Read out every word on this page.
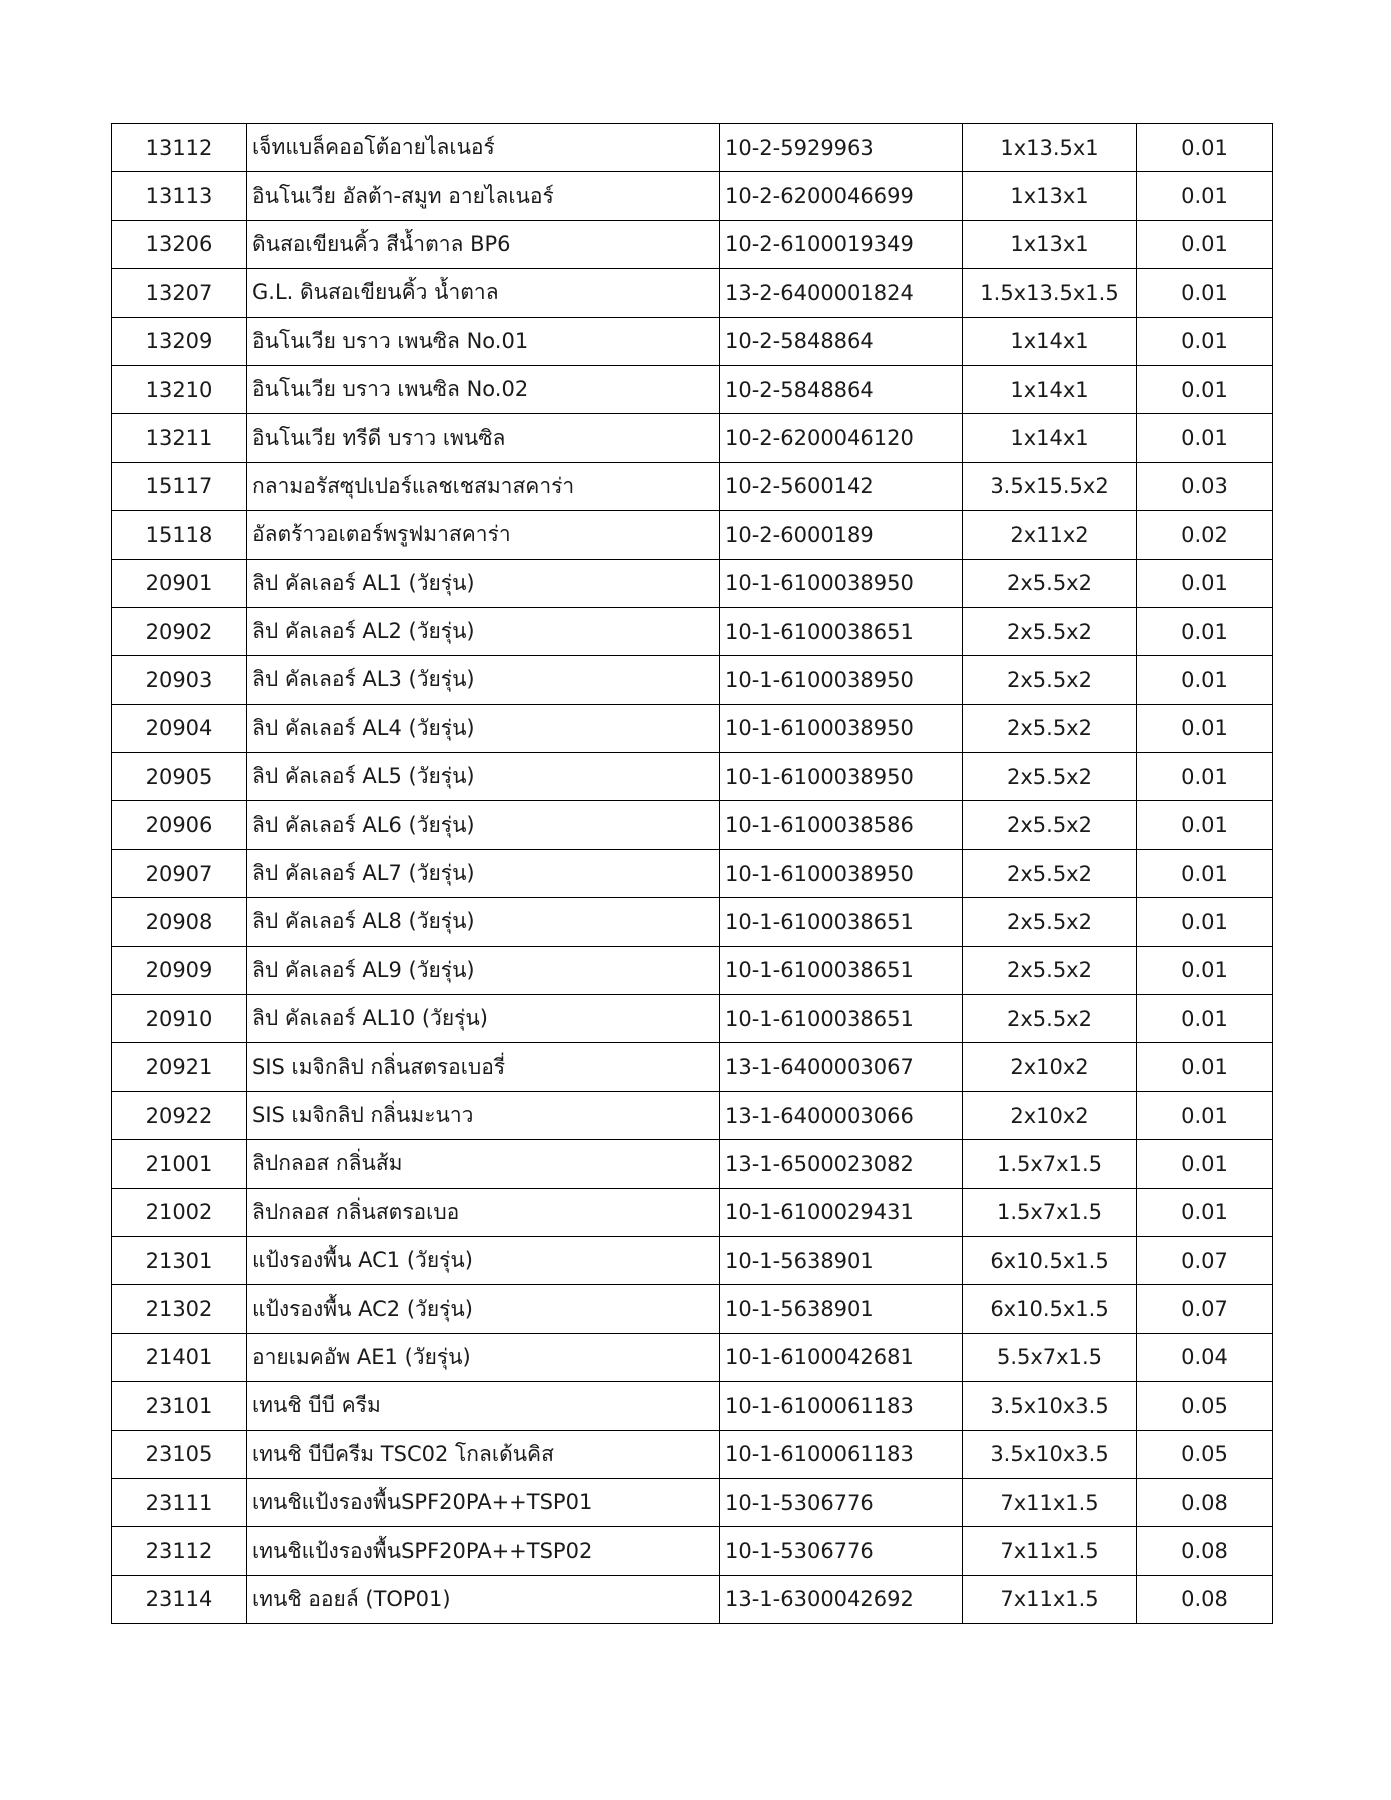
13112	เจ็ทแบล็คออโต้อายไลเนอร์	10-2-5929963	1x13.5x1	0.01
13113	อินโนเวีย อัลต้า-สมูท อายไลเนอร์	10-2-6200046699	1x13x1	0.01
13206	ดินสอเขียนคิ้ว สีน้ำตาล BP6	10-2-6100019349	1x13x1	0.01
13207	G.L. ดินสอเขียนคิ้ว น้ำตาล	13-2-6400001824	1.5x13.5x1.5	0.01
13209	อินโนเวีย บราว เพนซิล No.01	10-2-5848864	1x14x1	0.01
13210	อินโนเวีย บราว เพนซิล No.02	10-2-5848864	1x14x1	0.01
13211	อินโนเวีย ทรีดี บราว เพนซิล	10-2-6200046120	1x14x1	0.01
15117	กลามอรัสซุปเปอร์แลชเชสมาสคาร่า	10-2-5600142	3.5x15.5x2	0.03
15118	อัลตร้าวอเตอร์พรูฟมาสคาร่า	10-2-6000189	2x11x2	0.02
20901	ลิป คัลเลอร์ AL1 (วัยรุ่น)	10-1-6100038950	2x5.5x2	0.01
20902	ลิป คัลเลอร์ AL2 (วัยรุ่น)	10-1-6100038651	2x5.5x2	0.01
20903	ลิป คัลเลอร์ AL3 (วัยรุ่น)	10-1-6100038950	2x5.5x2	0.01
20904	ลิป คัลเลอร์ AL4 (วัยรุ่น)	10-1-6100038950	2x5.5x2	0.01
20905	ลิป คัลเลอร์ AL5 (วัยรุ่น)	10-1-6100038950	2x5.5x2	0.01
20906	ลิป คัลเลอร์ AL6 (วัยรุ่น)	10-1-6100038586	2x5.5x2	0.01
20907	ลิป คัลเลอร์ AL7 (วัยรุ่น)	10-1-6100038950	2x5.5x2	0.01
20908	ลิป คัลเลอร์ AL8 (วัยรุ่น)	10-1-6100038651	2x5.5x2	0.01
20909	ลิป คัลเลอร์ AL9 (วัยรุ่น)	10-1-6100038651	2x5.5x2	0.01
20910	ลิป คัลเลอร์ AL10 (วัยรุ่น)	10-1-6100038651	2x5.5x2	0.01
20921	SIS เมจิกลิป กลิ่นสตรอเบอรี่	13-1-6400003067	2x10x2	0.01
20922	SIS เมจิกลิป กลิ่นมะนาว	13-1-6400003066	2x10x2	0.01
21001	ลิปกลอส กลิ่นส้ม	13-1-6500023082	1.5x7x1.5	0.01
21002	ลิปกลอส กลิ่นสตรอเบอ	10-1-6100029431	1.5x7x1.5	0.01
21301	แป้งรองพื้น AC1 (วัยรุ่น)	10-1-5638901	6x10.5x1.5	0.07
21302	แป้งรองพื้น AC2 (วัยรุ่น)	10-1-5638901	6x10.5x1.5	0.07
21401	อายเมคอัพ AE1 (วัยรุ่น)	10-1-6100042681	5.5x7x1.5	0.04
23101	เทนชิ บีบี ครีม	10-1-6100061183	3.5x10x3.5	0.05
23105	เทนชิ บีบีครีม TSC02 โกลเด้นคิส	10-1-6100061183	3.5x10x3.5	0.05
23111	เทนชิแป้งรองพื้นSPF20PA++TSP01	10-1-5306776	7x11x1.5	0.08
23112	เทนชิแป้งรองพื้นSPF20PA++TSP02	10-1-5306776	7x11x1.5	0.08
23114	เทนชิ ออยล์ (TOP01)	13-1-6300042692	7x11x1.5	0.08
